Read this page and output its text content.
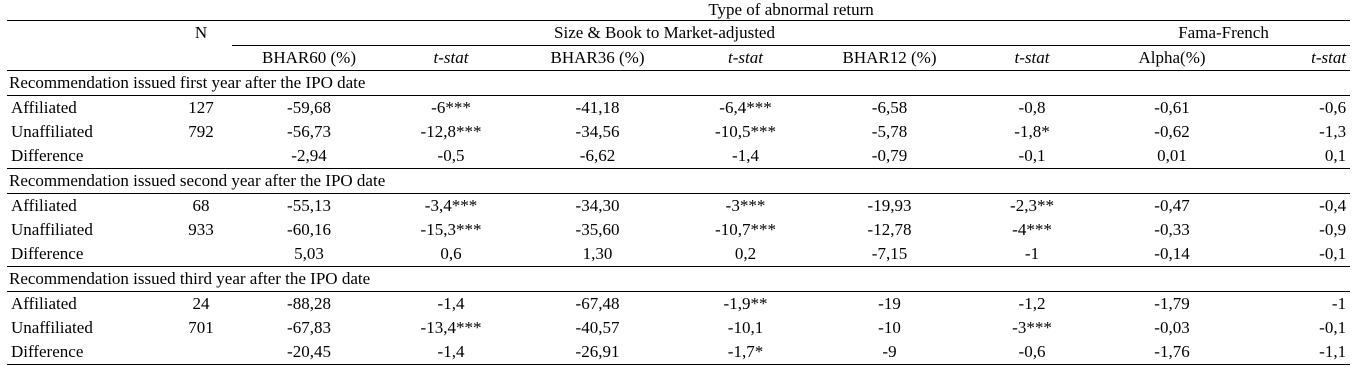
		Type of abnormal return							
	N	Size & Book to Market-adjusted						Fama-French	
		BHAR60 (%)	t-stat	BHAR36 (%)	t-stat	BHAR12 (%)	t-stat	Alpha(%)	t-stat
Recommendation issued first year after the IPO date									
Affiliated	127	-59,68	-6***	-41,18	-6,4***	-6,58	-0,8	-0,61	-0,6
Unaffiliated	792	-56,73	-12,8***	-34,56	-10,5***	-5,78	-1,8*	-0,62	-1,3
Difference		-2,94	-0,5	-6,62	-1,4	-0,79	-0,1	0,01	0,1
Recommendation issued second year after the IPO date									
Affiliated	68	-55,13	-3,4***	-34,30	-3***	-19,93	-2,3**	-0,47	-0,4
Unaffiliated	933	-60,16	-15,3***	-35,60	-10,7***	-12,78	-4***	-0,33	-0,9
Difference		5,03	0,6	1,30	0,2	-7,15	-1	-0,14	-0,1
Recommendation issued third year after the IPO date									
Affiliated	24	-88,28	-1,4	-67,48	-1,9**	-19	-1,2	-1,79	-1
Unaffiliated	701	-67,83	-13,4***	-40,57	-10,1	-10	-3***	-0,03	-0,1
Difference		-20,45	-1,4	-26,91	-1,7*	-9	-0,6	-1,76	-1,1
